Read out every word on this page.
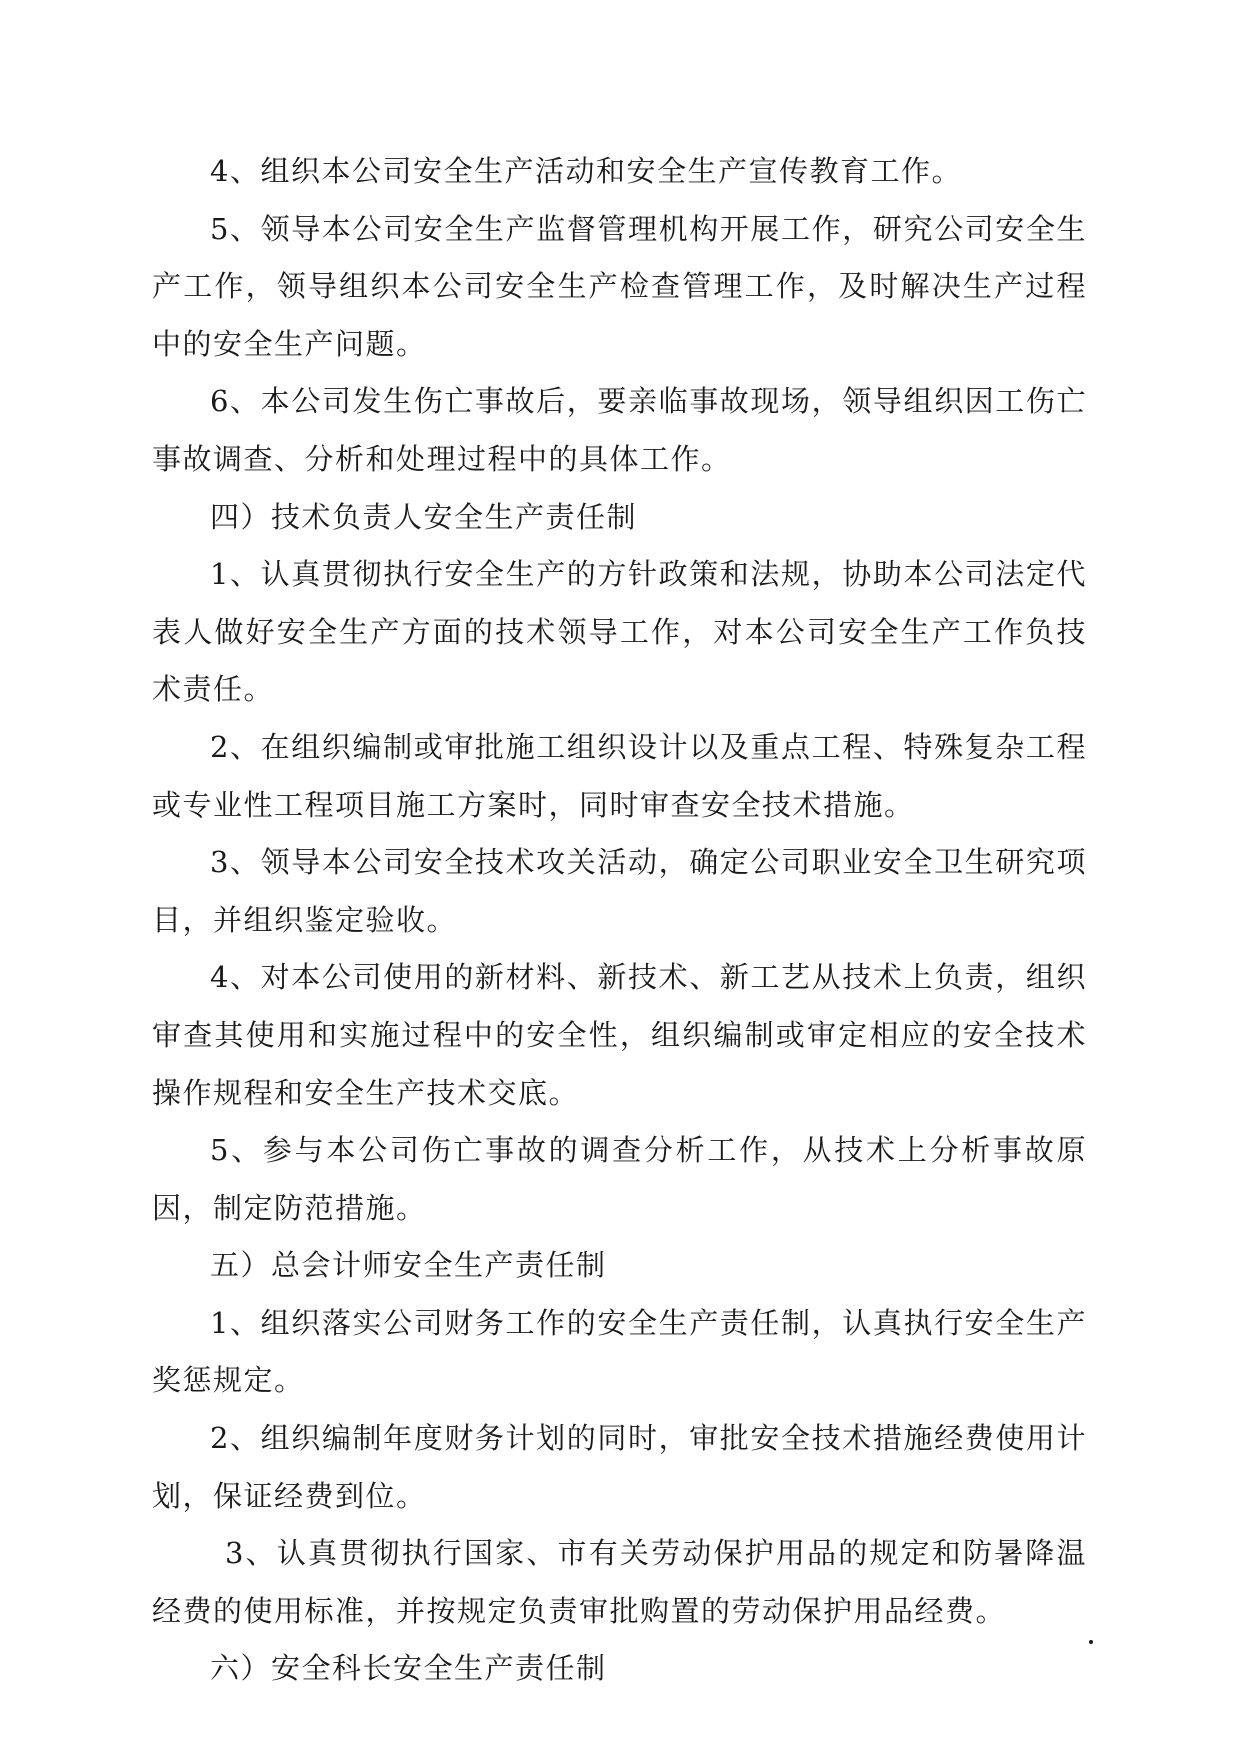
4、组织本公司安全生产活动和安全生产宣传教育工作。

5、领导本公司安全生产监督管理机构开展工作，研究公司安全生产工作，领导组织本公司安全生产检查管理工作，及时解决生产过程中的安全生产问题。

6、本公司发生伤亡事故后，要亲临事故现场，领导组织因工伤亡事故调查、分析和处理过程中的具体工作。

四）技术负责人安全生产责任制

1、认真贯彻执行安全生产的方针政策和法规，协助本公司法定代表人做好安全生产方面的技术领导工作，对本公司安全生产工作负技术责任。

2、在组织编制或审批施工组织设计以及重点工程、特殊复杂工程或专业性工程项目施工方案时，同时审查安全技术措施。

3、领导本公司安全技术攻关活动，确定公司职业安全卫生研究项目，并组织鉴定验收。

4、对本公司使用的新材料、新技术、新工艺从技术上负责，组织审查其使用和实施过程中的安全性，组织编制或审定相应的安全技术操作规程和安全生产技术交底。

5、参与本公司伤亡事故的调查分析工作，从技术上分析事故原因，制定防范措施。

五）总会计师安全生产责任制

1、组织落实公司财务工作的安全生产责任制，认真执行安全生产奖惩规定。

2、组织编制年度财务计划的同时，审批安全技术措施经费使用计划，保证经费到位。

3、认真贯彻执行国家、市有关劳动保护用品的规定和防暑降温经费的使用标准，并按规定负责审批购置的劳动保护用品经费。

六）安全科长安全生产责任制
